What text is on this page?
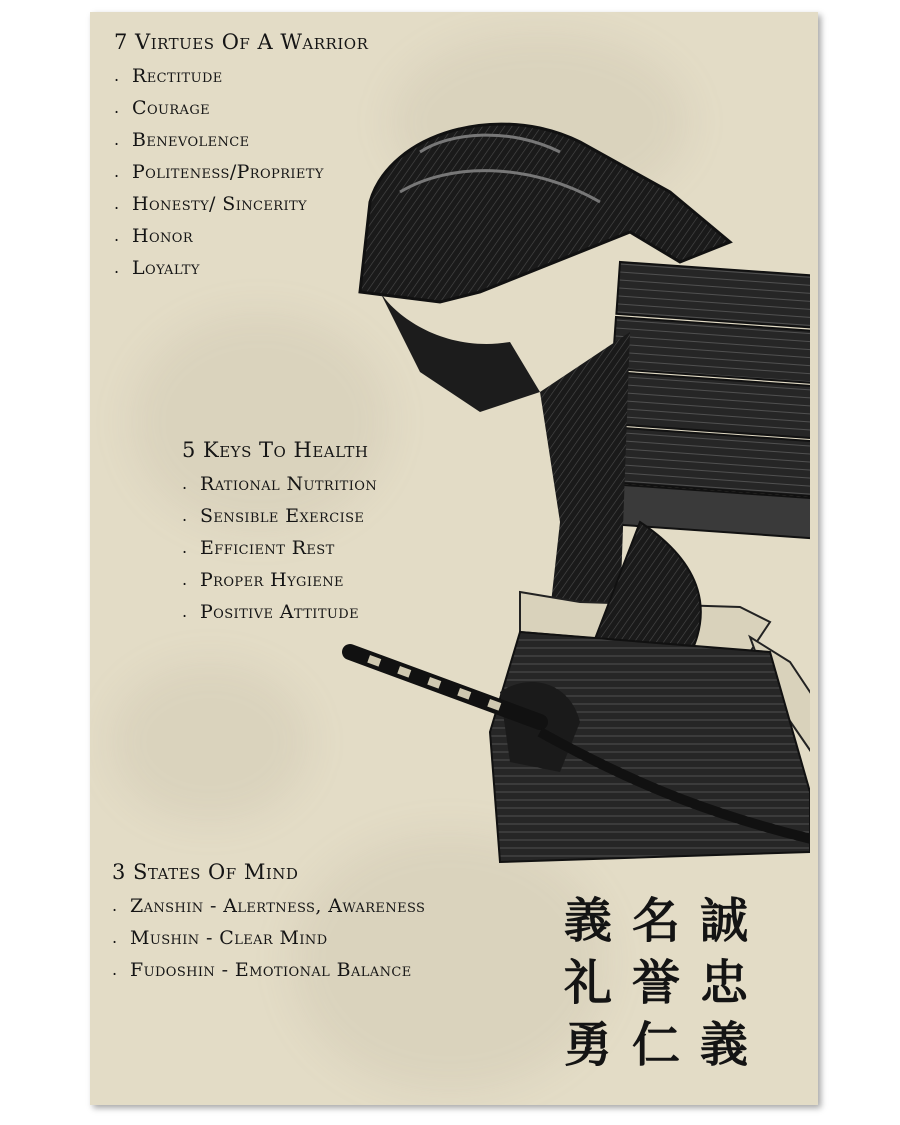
7 Virtues Of A Warrior
. Rectitude
. Courage
. Benevolence
. Politeness/Propriety
. Honesty/ Sincerity
. Honor
. Loyalty
5 Keys To Health
. Rational Nutrition
. Sensible Exercise
. Efficient Rest
. Proper Hygiene
. Positive Attitude
3 States Of Mind
. Zanshin - Alertness, Awareness
. Mushin - Clear Mind
. Fudoshin - Emotional Balance
誠
忠
義
名
誉
仁
義
礼
勇
